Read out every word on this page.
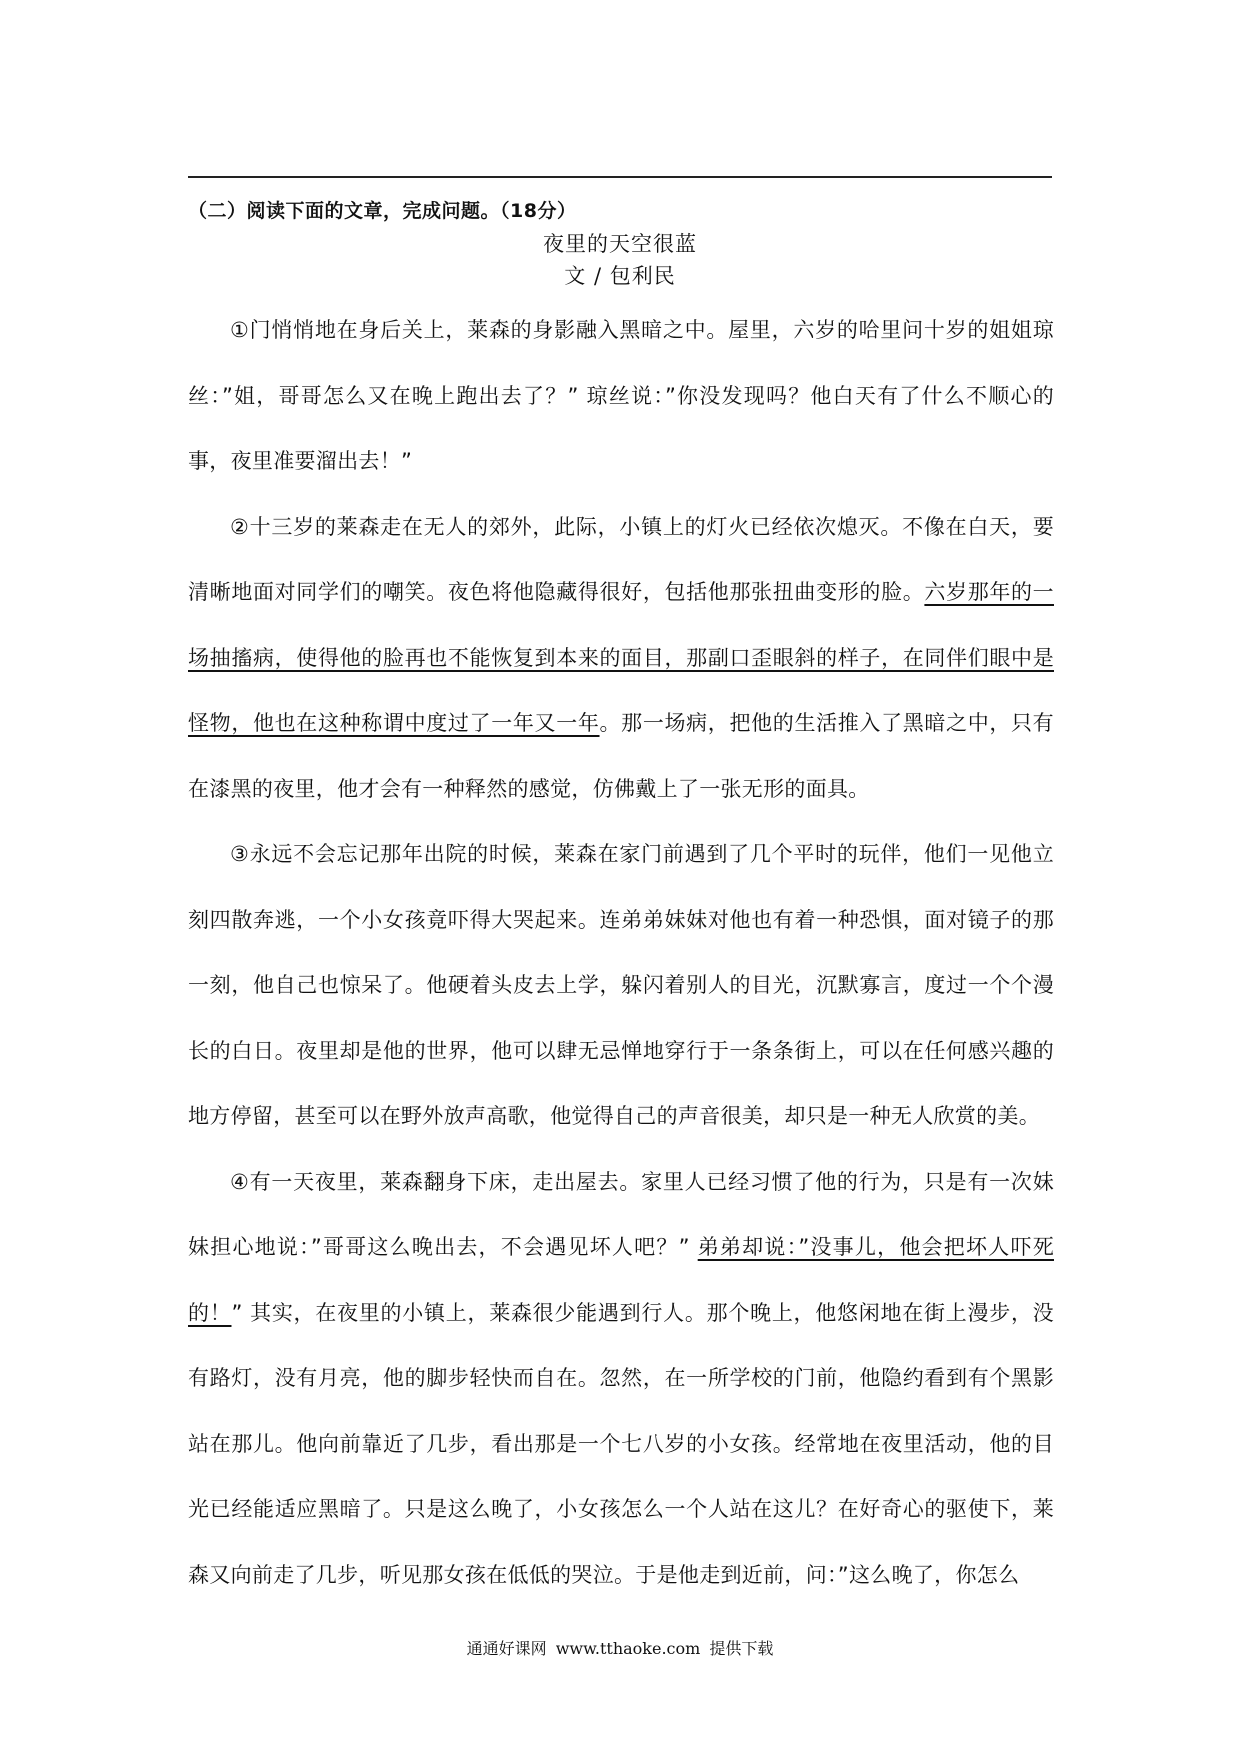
（二）阅读下面的文章，完成问题。（18分）
夜里的天空很蓝
文 / 包利民

①门悄悄地在身后关上，莱森的身影融入黑暗之中。屋里，六岁的哈里问十岁的姐姐琼丝：”姐，哥哥怎么又在晚上跑出去了？” 琼丝说：”你没发现吗？他白天有了什么不顺心的事，夜里准要溜出去！”

②十三岁的莱森走在无人的郊外，此际，小镇上的灯火已经依次熄灭。不像在白天，要清晰地面对同学们的嘲笑。夜色将他隐藏得很好，包括他那张扭曲变形的脸。六岁那年的一场抽搐病，使得他的脸再也不能恢复到本来的面目，那副口歪眼斜的样子，在同伴们眼中是怪物，他也在这种称谓中度过了一年又一年。那一场病，把他的生活推入了黑暗之中，只有在漆黑的夜里，他才会有一种释然的感觉，仿佛戴上了一张无形的面具。

③永远不会忘记那年出院的时候，莱森在家门前遇到了几个平时的玩伴，他们一见他立刻四散奔逃，一个小女孩竟吓得大哭起来。连弟弟妹妹对他也有着一种恐惧，面对镜子的那一刻，他自己也惊呆了。他硬着头皮去上学，躲闪着别人的目光，沉默寡言，度过一个个漫长的白日。夜里却是他的世界，他可以肆无忌惮地穿行于一条条街上，可以在任何感兴趣的地方停留，甚至可以在野外放声高歌，他觉得自己的声音很美，却只是一种无人欣赏的美。

④有一天夜里，莱森翻身下床，走出屋去。家里人已经习惯了他的行为，只是有一次妹妹担心地说：”哥哥这么晚出去，不会遇见坏人吧？” 弟弟却说：”没事儿，他会把坏人吓死的！” 其实，在夜里的小镇上，莱森很少能遇到行人。那个晚上，他悠闲地在街上漫步，没有路灯，没有月亮，他的脚步轻快而自在。忽然，在一所学校的门前，他隐约看到有个黑影站在那儿。他向前靠近了几步，看出那是一个七八岁的小女孩。经常地在夜里活动，他的目光已经能适应黑暗了。只是这么晚了，小女孩怎么一个人站在这儿？在好奇心的驱使下，莱森又向前走了几步，听见那女孩在低低的哭泣。于是他走到近前，问：”这么晚了，你怎么

通通好课网 www.tthaoke.com 提供下载
